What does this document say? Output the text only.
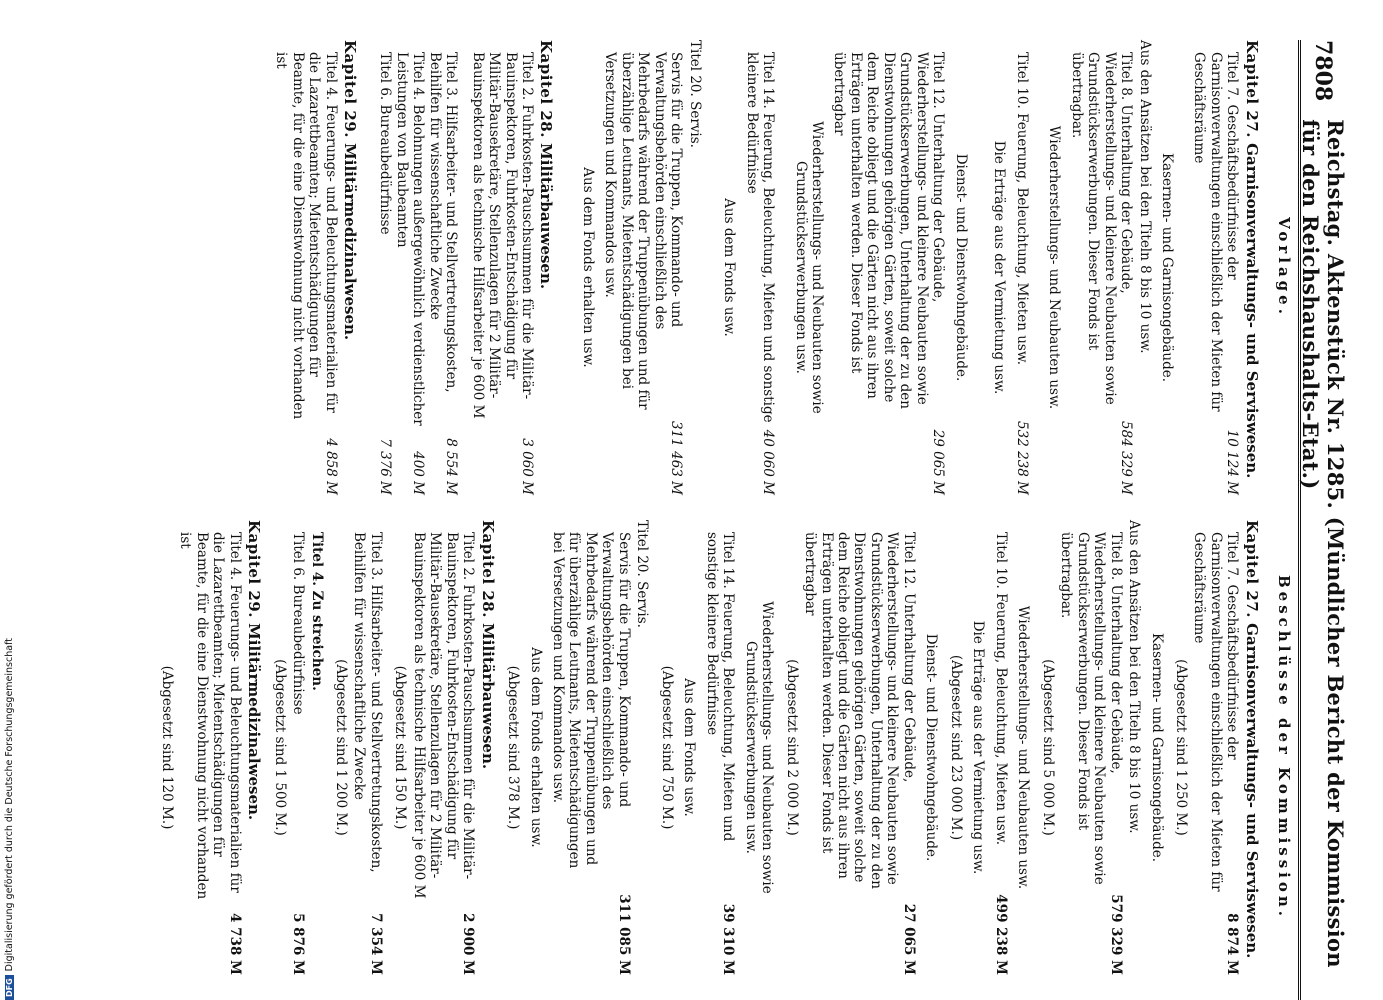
7808
Reichstag. Aktenstück Nr. 1285. (Mündlicher Bericht der Kommission für den Reichshaushalts-Etat.)
Vorlage.
Kapitel 27. Garnisonverwaltungs- und Serviswesen.
Titel 7. Geschäftsbedürfnisse der Garnisonverwaltungen einschließlich der Mieten für Geschäftsräume
10 124 M
Kasernen- und Garnisongebäude.
Aus den Ansätzen bei den Titeln 8 bis 10 usw.
Titel 8. Unterhaltung der Gebäude, Wiederherstellungs- und kleinere Neubauten sowie Grundstückserwerbungen. Dieser Fonds ist übertragbar.
584 329 M
Wiederherstellungs- und Neubauten usw.
Titel 10. Feuerung, Beleuchtung, Mieten usw.
532 238 M
Die Erträge aus der Vermietung usw.
Dienst- und Dienstwohngebäude.
Titel 12. Unterhaltung der Gebäude, Wiederherstellungs- und kleinere Neubauten sowie Grundstückserwerbungen, Unterhaltung der zu den Dienstwohnungen gehörigen Gärten, soweit solche dem Reiche obliegt und die Gärten nicht aus ihren Erträgen unterhalten werden. Dieser Fonds ist übertragbar
29 065 M
Wiederherstellungs- und Neubauten sowie Grundstückserwerbungen usw.
Titel 14. Feuerung, Beleuchtung, Mieten und sonstige kleinere Bedürfnisse
40 060 M
Aus dem Fonds usw.
Titel 20. Servis.
Servis für die Truppen, Kommando- und Verwaltungsbehörden einschließlich des Mehrbedarfs während der Truppenübungen und für überzählige Leutnants, Mietentschädigungen bei Versetzungen und Kommandos usw.
311 463 M
Aus dem Fonds erhalten usw.
Kapitel 28. Militärbauwesen.
Titel 2. Fuhrkosten-Pauschsummen für die Militär-Bauinspektoren, Fuhrkosten-Entschädigung für Militär-Bausekretäre, Stellenzulagen für 2 Militär-Bauinspektoren als technische Hilfsarbeiter je 600 M
3 060 M
Titel 3. Hilfsarbeiter- und Stellvertretungskosten, Beihilfen für wissenschaftliche Zwecke
8 554 M
Titel 4. Belohnungen außergewöhnlich verdienstlicher Leistungen von Baubeamten
400 M
Titel 6. Bureaubedürfnisse
7 376 M
Kapitel 29. Militärmedizinalwesen.
Titel 4. Feuerungs- und Beleuchtungsmaterialien für die Lazarettbeamten; Mietentschädigungen für Beamte, für die eine Dienstwohnung nicht vorhanden ist
4 858 M
Beschlüsse der Kommission.
Kapitel 27. Garnisonverwaltungs- und Serviswesen.
Titel 7. Geschäftsbedürfnisse der Garnisonverwaltungen einschließlich der Mieten für Geschäftsräume
8 874 M
(Abgesetzt sind 1 250 M.)
Kasernen- und Garnisongebäude.
Aus den Ansätzen bei den Titeln 8 bis 10 usw.
Titel 8. Unterhaltung der Gebäude, Wiederherstellungs- und kleinere Neubauten sowie Grundstückserwerbungen. Dieser Fonds ist übertragbar.
579 329 M
(Abgesetzt sind 5 000 M.)
Wiederherstellungs- und Neubauten usw.
Titel 10. Feuerung, Beleuchtung, Mieten usw.
499 238 M
Die Erträge aus der Vermietung usw.
(Abgesetzt sind 23 000 M.)
Dienst- und Dienstwohngebäude.
Titel 12. Unterhaltung der Gebäude, Wiederherstellungs- und kleinere Neubauten sowie Grundstückserwerbungen, Unterhaltung der zu den Dienstwohnungen gehörigen Gärten, soweit solche dem Reiche obliegt und die Gärten nicht aus ihren Erträgen unterhalten werden. Dieser Fonds ist übertragbar
27 065 M
(Abgesetzt sind 2 000 M.)
Wiederherstellungs- und Neubauten sowie Grundstückserwerbungen usw.
Titel 14. Feuerung, Beleuchtung, Mieten und sonstige kleinere Bedürfnisse
39 310 M
Aus dem Fonds usw.
(Abgesetzt sind 750 M.)
Titel 20. Servis.
Servis für die Truppen, Kommando- und Verwaltungsbehörden einschließlich des Mehrbedarfs während der Truppenübungen und für überzählige Leutnants, Mietentschädigungen bei Versetzungen und Kommandos usw.
311 085 M
Aus dem Fonds erhalten usw.
(Abgesetzt sind 378 M.)
Kapitel 28. Militärbauwesen.
Titel 2. Fuhrkosten-Pauschsummen für die Militär-Bauinspektoren, Fuhrkosten-Entschädigung für Militär-Bausekretäre, Stellenzulagen für 2 Militär-Bauinspektoren als technische Hilfsarbeiter je 600 M
2 900 M
(Abgesetzt sind 150 M.)
Titel 3. Hilfsarbeiter- und Stellvertretungskosten, Beihilfen für wissenschaftliche Zwecke
7 354 M
(Abgesetzt sind 1 200 M.)
Titel 4. Zu streichen.
Titel 6. Bureaubedürfnisse
5 876 M
(Abgesetzt sind 1 500 M.)
Kapitel 29. Militärmedizinalwesen.
Titel 4. Feuerungs- und Beleuchtungsmaterialien für die Lazarettbeamten; Mietentschädigungen für Beamte, für die eine Dienstwohnung nicht vorhanden ist
4 738 M
(Abgesetzt sind 120 M.)
DFG
Digitalisierung gefördert durch die Deutsche Forschungsgemeinschaft
